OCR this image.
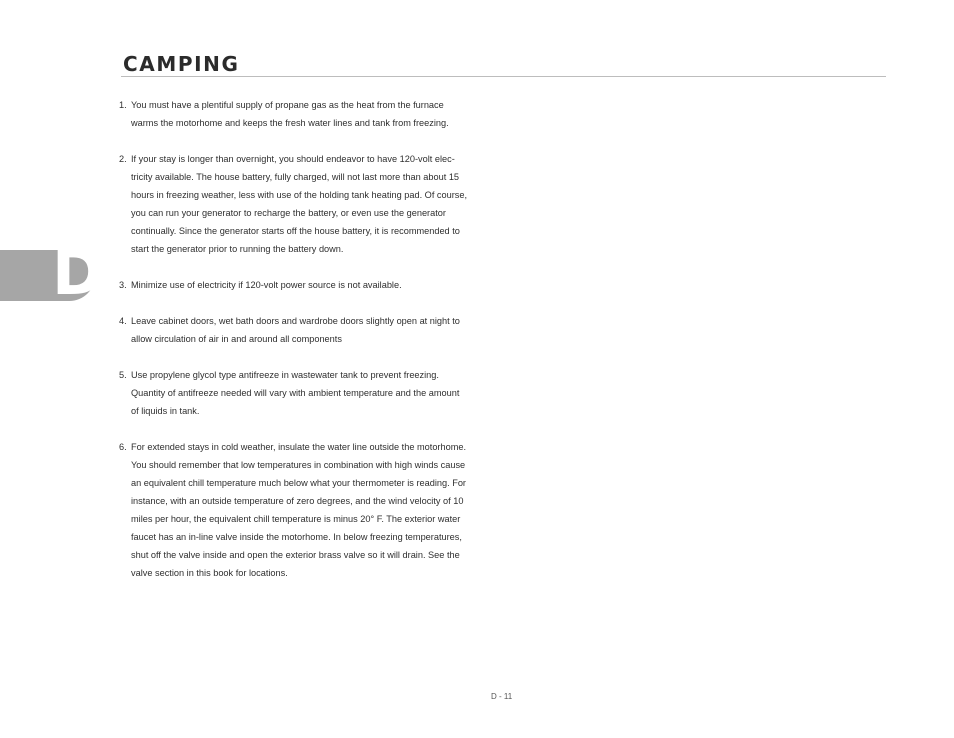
CAMPING
D
1. You must have a plentiful supply of propane gas as the heat from the furnace
warms the motorhome and keeps the fresh water lines and tank from freezing.
2. If your stay is longer than overnight, you should endeavor to have 120-volt elec-
tricity available. The house battery, fully charged, will not last more than about 15
hours in freezing weather, less with use of the holding tank heating pad. Of course,
you can run your generator to recharge the battery, or even use the generator
continually. Since the generator starts off the house battery, it is recommended to
start the generator prior to running the battery down.
3. Minimize use of electricity if 120-volt power source is not available.
4. Leave cabinet doors, wet bath doors and wardrobe doors slightly open at night to
allow circulation of air in and around all components
5. Use propylene glycol type antifreeze in wastewater tank to prevent freezing.
Quantity of antifreeze needed will vary with ambient temperature and the amount
of liquids in tank.
6. For extended stays in cold weather, insulate the water line outside the motorhome.
You should remember that low temperatures in combination with high winds cause
an equivalent chill temperature much below what your thermometer is reading. For
instance, with an outside temperature of zero degrees, and the wind velocity of 10
miles per hour, the equivalent chill temperature is minus 20° F. The exterior water
faucet has an in-line valve inside the motorhome. In below freezing temperatures,
shut off the valve inside and open the exterior brass valve so it will drain. See the
valve section in this book for locations.
D - 11
